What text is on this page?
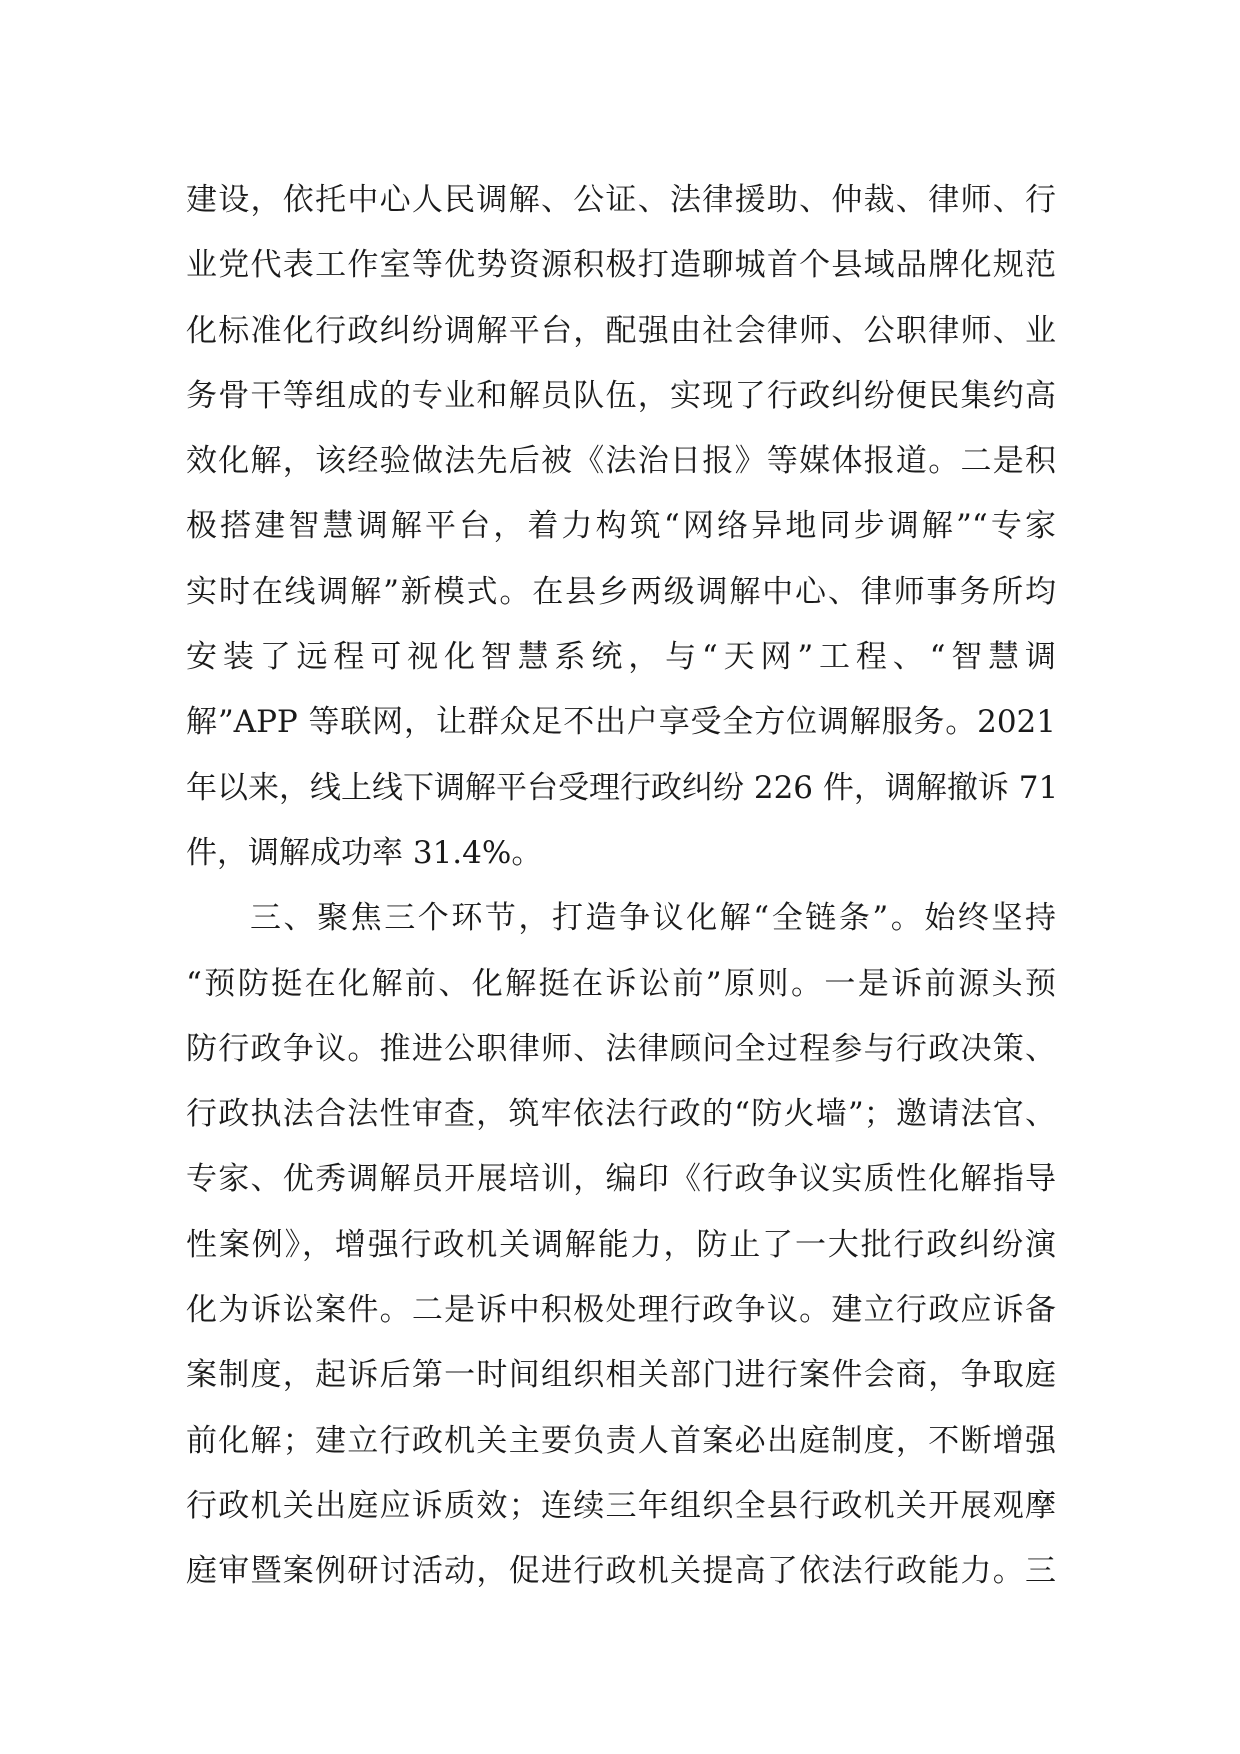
建设，依托中心人民调解、公证、法律援助、仲裁、律师、行
业党代表工作室等优势资源积极打造聊城首个县域品牌化规范
化标准化行政纠纷调解平台，配强由社会律师、公职律师、业
务骨干等组成的专业和解员队伍，实现了行政纠纷便民集约高
效化解，该经验做法先后被《法治日报》等媒体报道。二是积
极搭建智慧调解平台，着力构筑“网络异地同步调解”“专家
实时在线调解”新模式。在县乡两级调解中心、律师事务所均
安装了远程可视化智慧系统，与“天网”工程、“智慧调
解”APP 等联网，让群众足不出户享受全方位调解服务。2021
年以来，线上线下调解平台受理行政纠纷 226 件，调解撤诉 71
件，调解成功率 31.4%。
三、聚焦三个环节，打造争议化解“全链条”。始终坚持
“预防挺在化解前、化解挺在诉讼前”原则。一是诉前源头预
防行政争议。推进公职律师、法律顾问全过程参与行政决策、
行政执法合法性审查，筑牢依法行政的“防火墙”；邀请法官、
专家、优秀调解员开展培训，编印《行政争议实质性化解指导
性案例》，增强行政机关调解能力，防止了一大批行政纠纷演
化为诉讼案件。二是诉中积极处理行政争议。建立行政应诉备
案制度，起诉后第一时间组织相关部门进行案件会商，争取庭
前化解；建立行政机关主要负责人首案必出庭制度，不断增强
行政机关出庭应诉质效；连续三年组织全县行政机关开展观摩
庭审暨案例研讨活动，促进行政机关提高了依法行政能力。三
